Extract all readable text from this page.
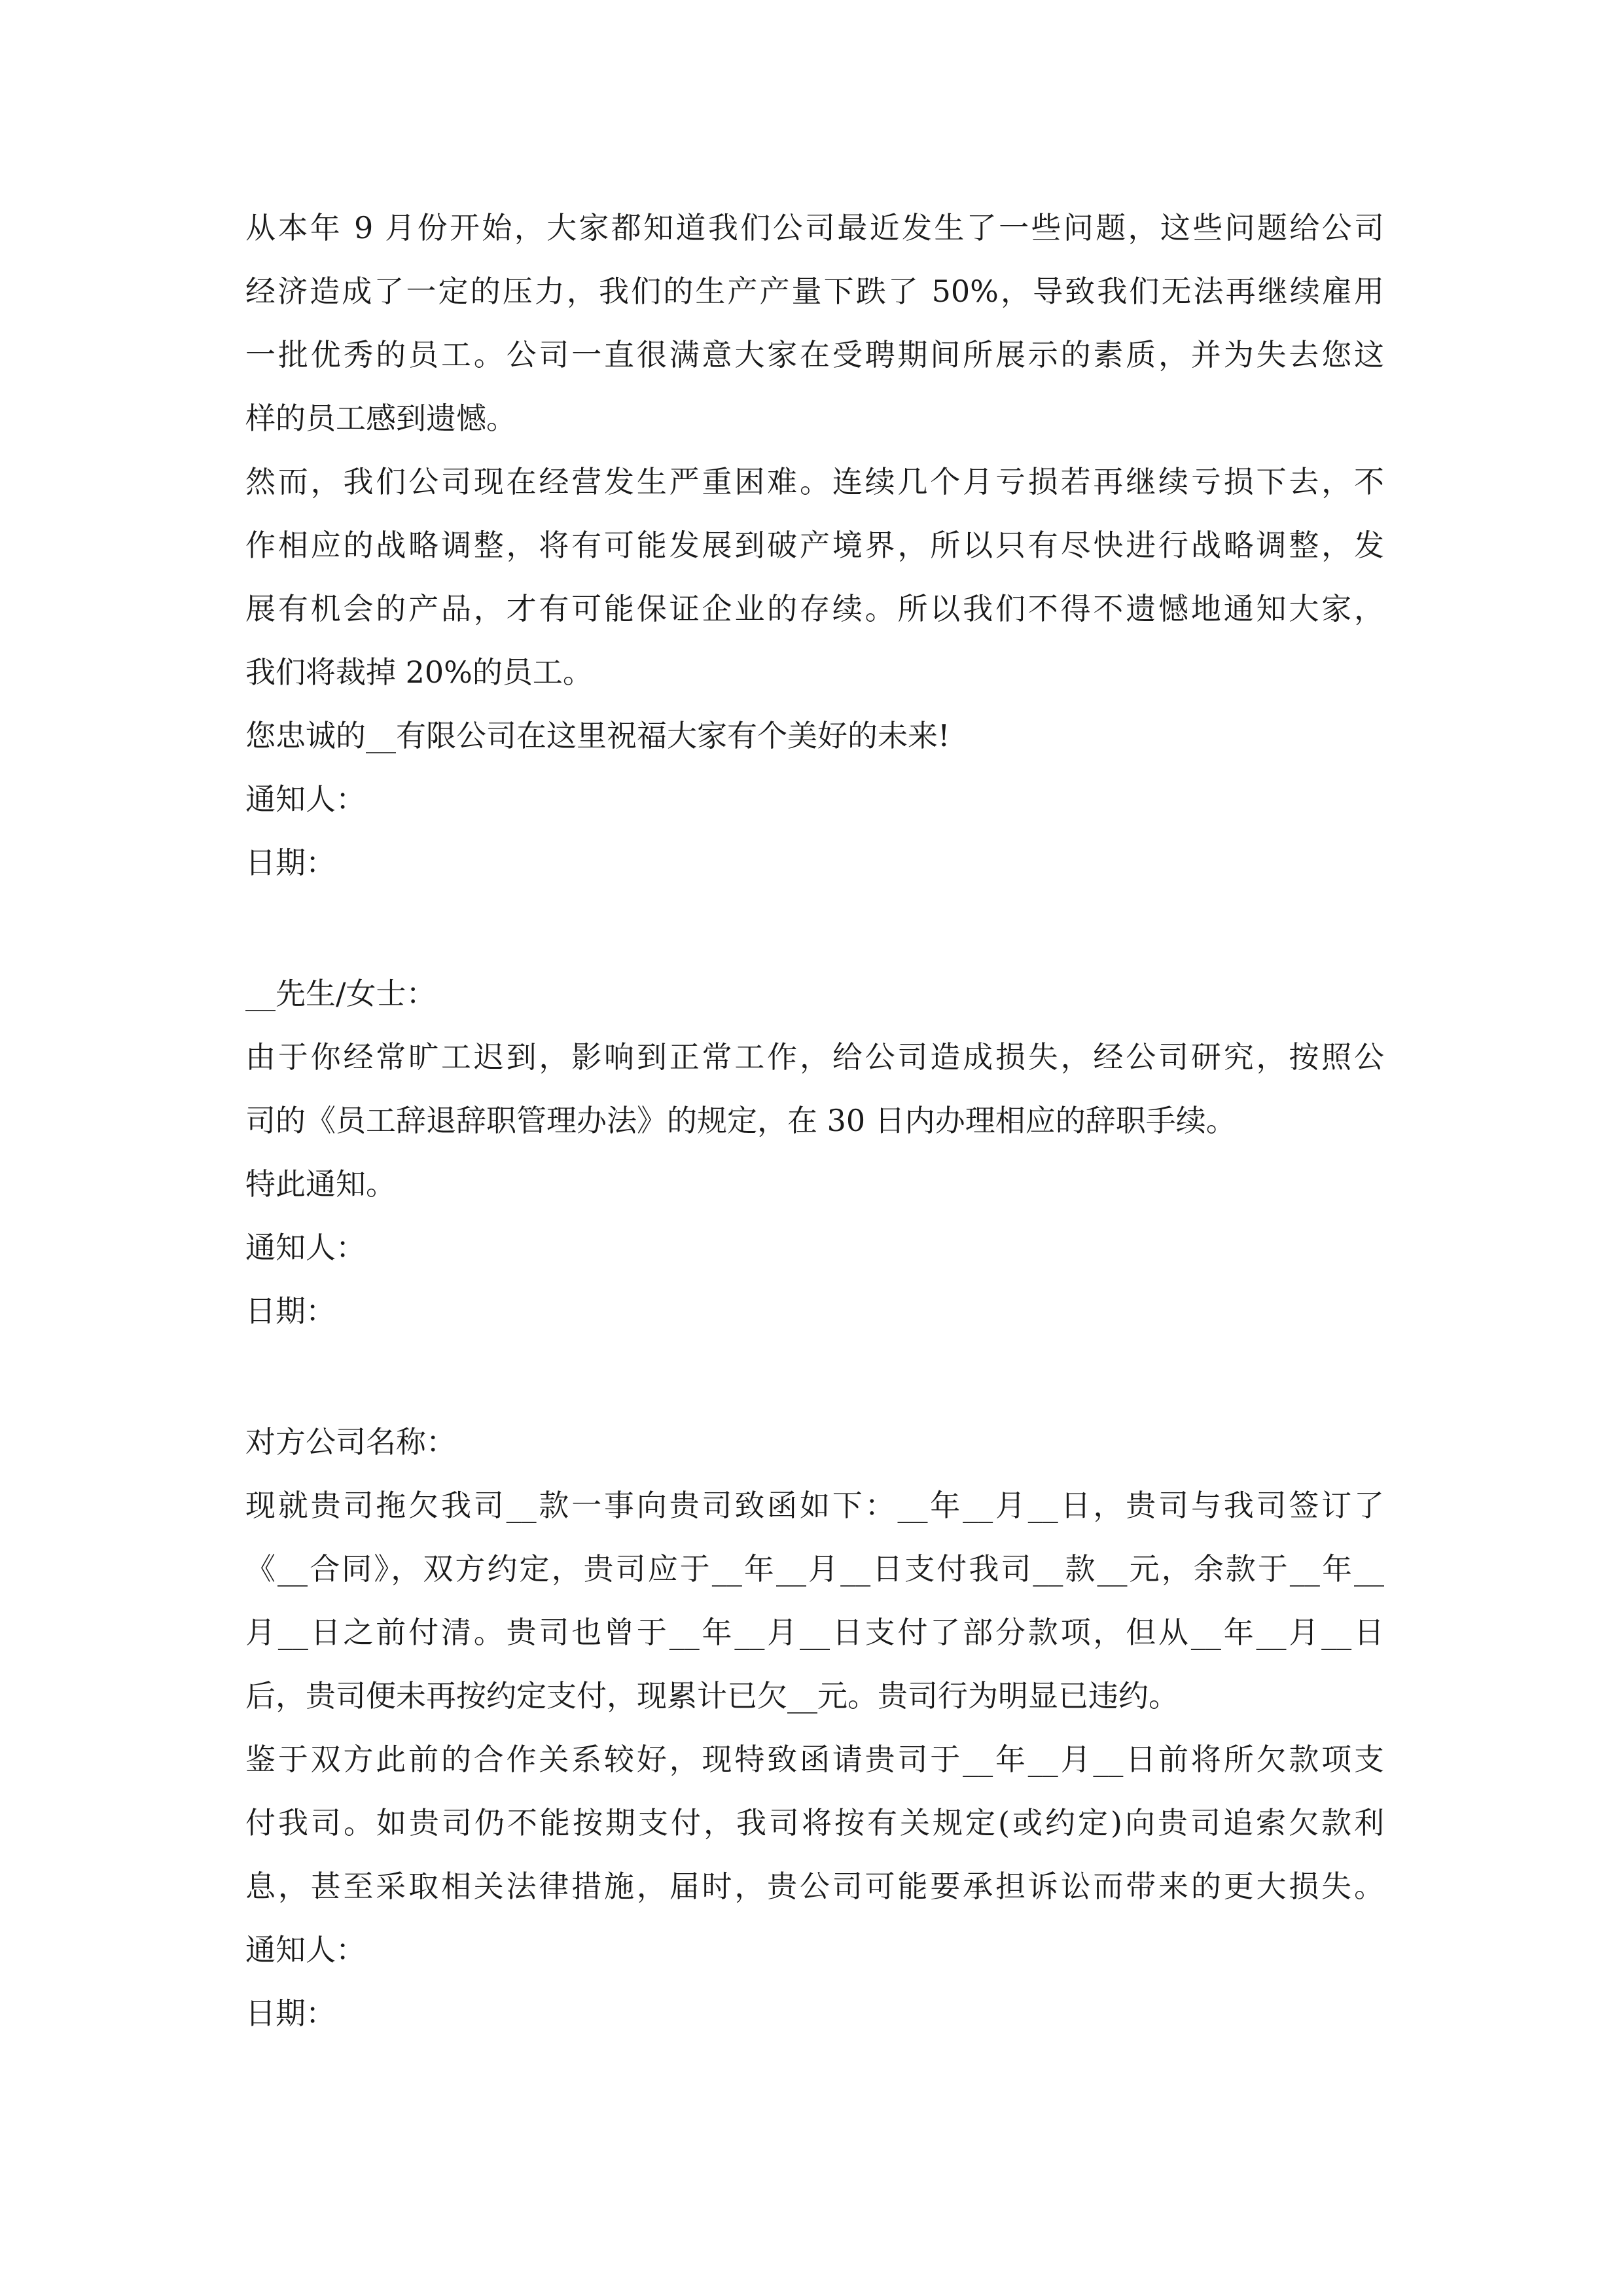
从本年 9 月份开始，大家都知道我们公司最近发生了一些问题，这些问题给公司
经济造成了一定的压力，我们的生产产量下跌了 50%，导致我们无法再继续雇用
一批优秀的员工。公司一直很满意大家在受聘期间所展示的素质，并为失去您这
样的员工感到遗憾。
然而，我们公司现在经营发生严重困难。连续几个月亏损若再继续亏损下去，不
作相应的战略调整，将有可能发展到破产境界，所以只有尽快进行战略调整，发
展有机会的产品，才有可能保证企业的存续。所以我们不得不遗憾地通知大家，
我们将裁掉 20%的员工。
您忠诚的__有限公司在这里祝福大家有个美好的未来!
通知人：
日期：
__先生/女士：
由于你经常旷工迟到，影响到正常工作，给公司造成损失，经公司研究，按照公
司的《员工辞退辞职管理办法》的规定，在 30 日内办理相应的辞职手续。
特此通知。
通知人：
日期：
对方公司名称：
现就贵司拖欠我司__款一事向贵司致函如下：__年__月__日，贵司与我司签订了
《__合同》，双方约定，贵司应于__年__月__日支付我司__款__元，余款于__年__
月__日之前付清。贵司也曾于__年__月__日支付了部分款项，但从__年__月__日
后，贵司便未再按约定支付，现累计已欠__元。贵司行为明显已违约。
鉴于双方此前的合作关系较好，现特致函请贵司于__年__月__日前将所欠款项支
付我司。如贵司仍不能按期支付，我司将按有关规定(或约定)向贵司追索欠款利
息，甚至采取相关法律措施，届时，贵公司可能要承担诉讼而带来的更大损失。
通知人：
日期：
